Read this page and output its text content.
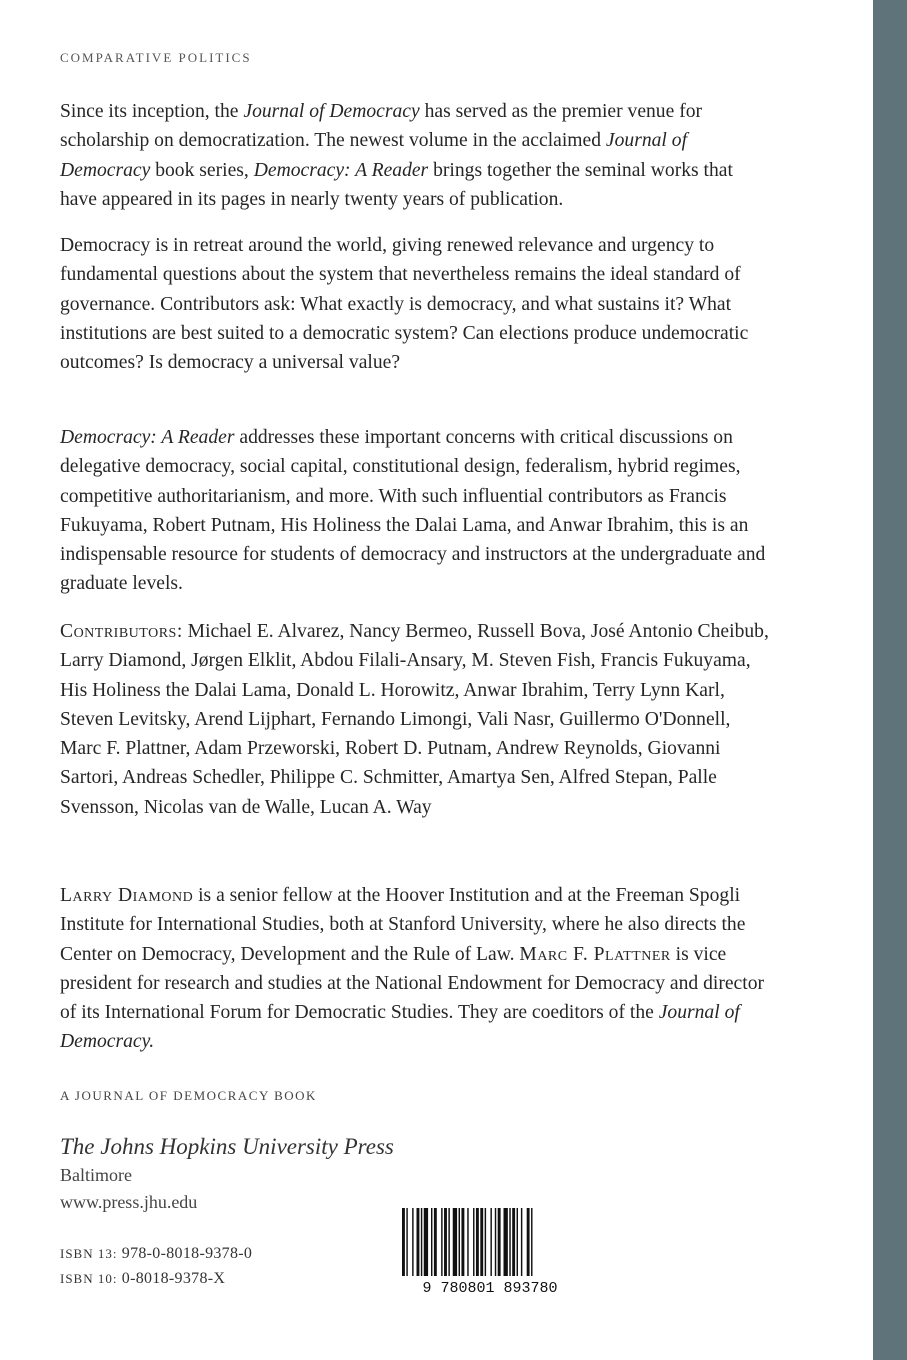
COMPARATIVE POLITICS

Since its inception, the Journal of Democracy has served as the premier venue for scholarship on democratization. The newest volume in the acclaimed Journal of Democracy book series, Democracy: A Reader brings together the seminal works that have appeared in its pages in nearly twenty years of publication.

Democracy is in retreat around the world, giving renewed relevance and urgency to fundamental questions about the system that nevertheless remains the ideal standard of governance. Contributors ask: What exactly is democracy, and what sustains it? What institutions are best suited to a democratic system? Can elections produce undemocratic outcomes? Is democracy a universal value?

Democracy: A Reader addresses these important concerns with critical discussions on delegative democracy, social capital, constitutional design, federalism, hybrid regimes, competitive authoritarianism, and more. With such influential contributors as Francis Fukuyama, Robert Putnam, His Holiness the Dalai Lama, and Anwar Ibrahim, this is an indispensable resource for students of democracy and instructors at the undergraduate and graduate levels.

Contributors: Michael E. Alvarez, Nancy Bermeo, Russell Bova, José Antonio Cheibub, Larry Diamond, Jørgen Elklit, Abdou Filali-Ansary, M. Steven Fish, Francis Fukuyama, His Holiness the Dalai Lama, Donald L. Horowitz, Anwar Ibrahim, Terry Lynn Karl, Steven Levitsky, Arend Lijphart, Fernando Limongi, Vali Nasr, Guillermo O'Donnell, Marc F. Plattner, Adam Przeworski, Robert D. Putnam, Andrew Reynolds, Giovanni Sartori, Andreas Schedler, Philippe C. Schmitter, Amartya Sen, Alfred Stepan, Palle Svensson, Nicolas van de Walle, Lucan A. Way

Larry Diamond is a senior fellow at the Hoover Institution and at the Freeman Spogli Institute for International Studies, both at Stanford University, where he also directs the Center on Democracy, Development and the Rule of Law. Marc F. Plattner is vice president for research and studies at the National Endowment for Democracy and director of its International Forum for Democratic Studies. They are coeditors of the Journal of Democracy.

A JOURNAL OF DEMOCRACY BOOK
The Johns Hopkins University Press
Baltimore
www.press.jhu.edu
ISBN 13: 978-0-8018-9378-0
ISBN 10: 0-8018-9378-X
9 780801 893780
